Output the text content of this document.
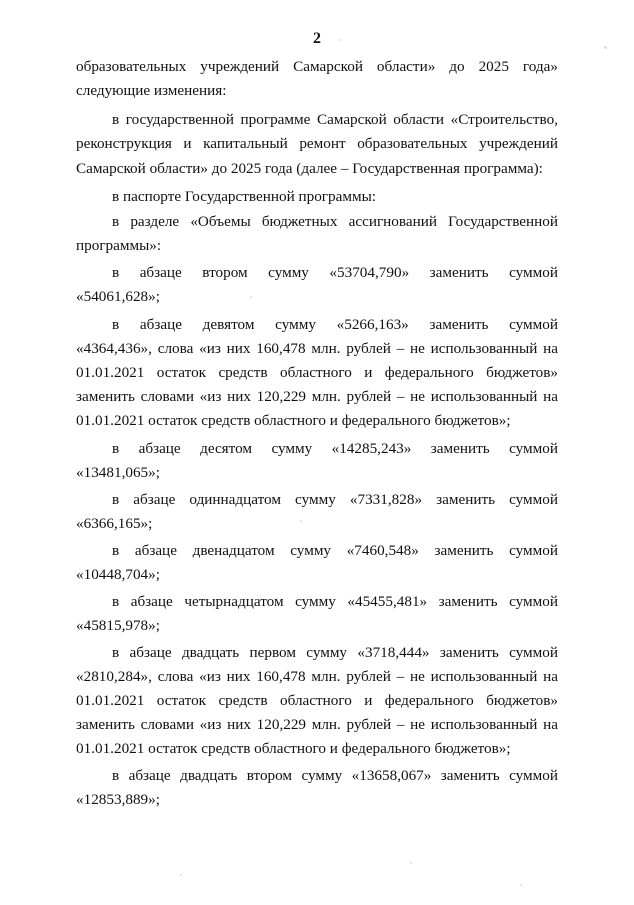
2
образовательных учреждений Самарской области» до 2025 года»
следующие изменения:
в государственной программе Самарской области «Строительство,
реконструкция и капитальный ремонт образовательных учреждений
Самарской области» до 2025 года (далее – Государственная программа):
в паспорте Государственной программы:
в разделе «Объемы бюджетных ассигнований Государственной
программы»:
в абзаце втором сумму «53704,790» заменить суммой
«54061,628»;
в абзаце девятом сумму «5266,163» заменить суммой
«4364,436», слова «из них 160,478 млн. рублей – не использованный на
01.01.2021 остаток средств областного и федерального бюджетов»
заменить словами «из них 120,229 млн. рублей – не использованный на
01.01.2021 остаток средств областного и федерального бюджетов»;
в абзаце десятом сумму «14285,243» заменить суммой
«13481,065»;
в абзаце одиннадцатом сумму «7331,828» заменить суммой
«6366,165»;
в абзаце двенадцатом сумму «7460,548» заменить суммой
«10448,704»;
в абзаце четырнадцатом сумму «45455,481» заменить суммой
«45815,978»;
в абзаце двадцать первом сумму «3718,444» заменить суммой
«2810,284», слова «из них 160,478 млн. рублей – не использованный на
01.01.2021 остаток средств областного и федерального бюджетов»
заменить словами «из них 120,229 млн. рублей – не использованный на
01.01.2021 остаток средств областного и федерального бюджетов»;
в абзаце двадцать втором сумму «13658,067» заменить суммой
«12853,889»;
